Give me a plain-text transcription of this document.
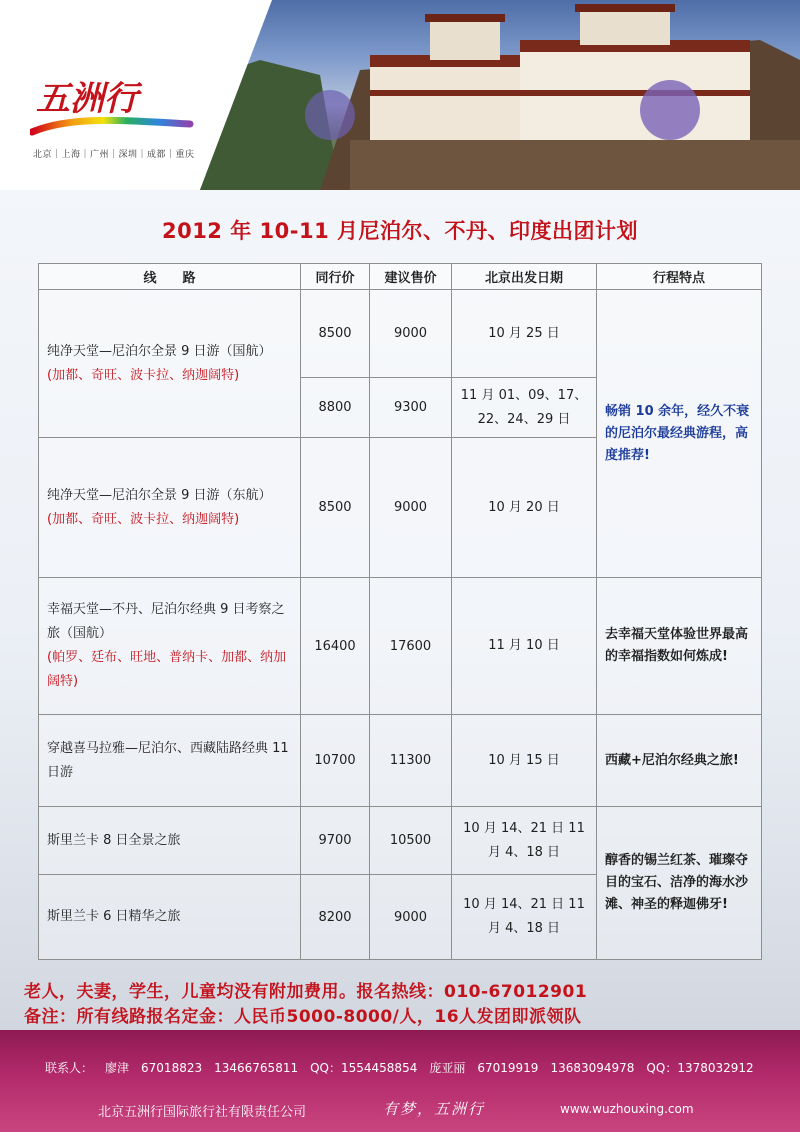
五洲行
北京｜上海｜广州｜深圳｜成都｜重庆
2012 年 10-11 月尼泊尔、不丹、印度出团计划
线　　路	同行价	建议售价	北京出发日期	行程特点

纯净天堂—尼泊尔全景 9 日游（国航）
(加都、奇旺、波卡拉、纳迦阔特)	8500	9000	10 月 25 日	畅销 10 余年，经久不衰的尼泊尔最经典游程，高度推荐!
	8800	9300	11 月 01、09、17、22、24、29 日	

纯净天堂—尼泊尔全景 9 日游（东航）
(加都、奇旺、波卡拉、纳迦阔特)	8500	9000	10 月 20 日	

幸福天堂—不丹、尼泊尔经典 9 日考察之旅（国航）
(帕罗、廷布、旺地、普纳卡、加都、纳加阔特)	16400	17600	11 月 10 日	去幸福天堂体验世界最高的幸福指数如何炼成!

穿越喜马拉雅—尼泊尔、西藏陆路经典 11 日游	10700	11300	10 月 15 日	西藏+尼泊尔经典之旅!

斯里兰卡 8 日全景之旅	9700	10500	10 月 14、21 日 11 月 4、18 日	醇香的锡兰红茶、璀璨夺目的宝石、洁净的海水沙滩、神圣的释迦佛牙!

斯里兰卡 6 日精华之旅	8200	9000	10 月 14、21 日 11 月 4、18 日	
老人，夫妻，学生，儿童均没有附加费用。报名热线：010-67012901
备注：所有线路报名定金：人民币5000-8000/人，16人发团即派领队
联系人： 廖津 67018823 13466765811 QQ：1554458854 庞亚丽 67019919 13683094978 QQ：1378032912
北京五洲行国际旅行社有限责任公司	有梦，五洲行	www.wuzhouxing.com
